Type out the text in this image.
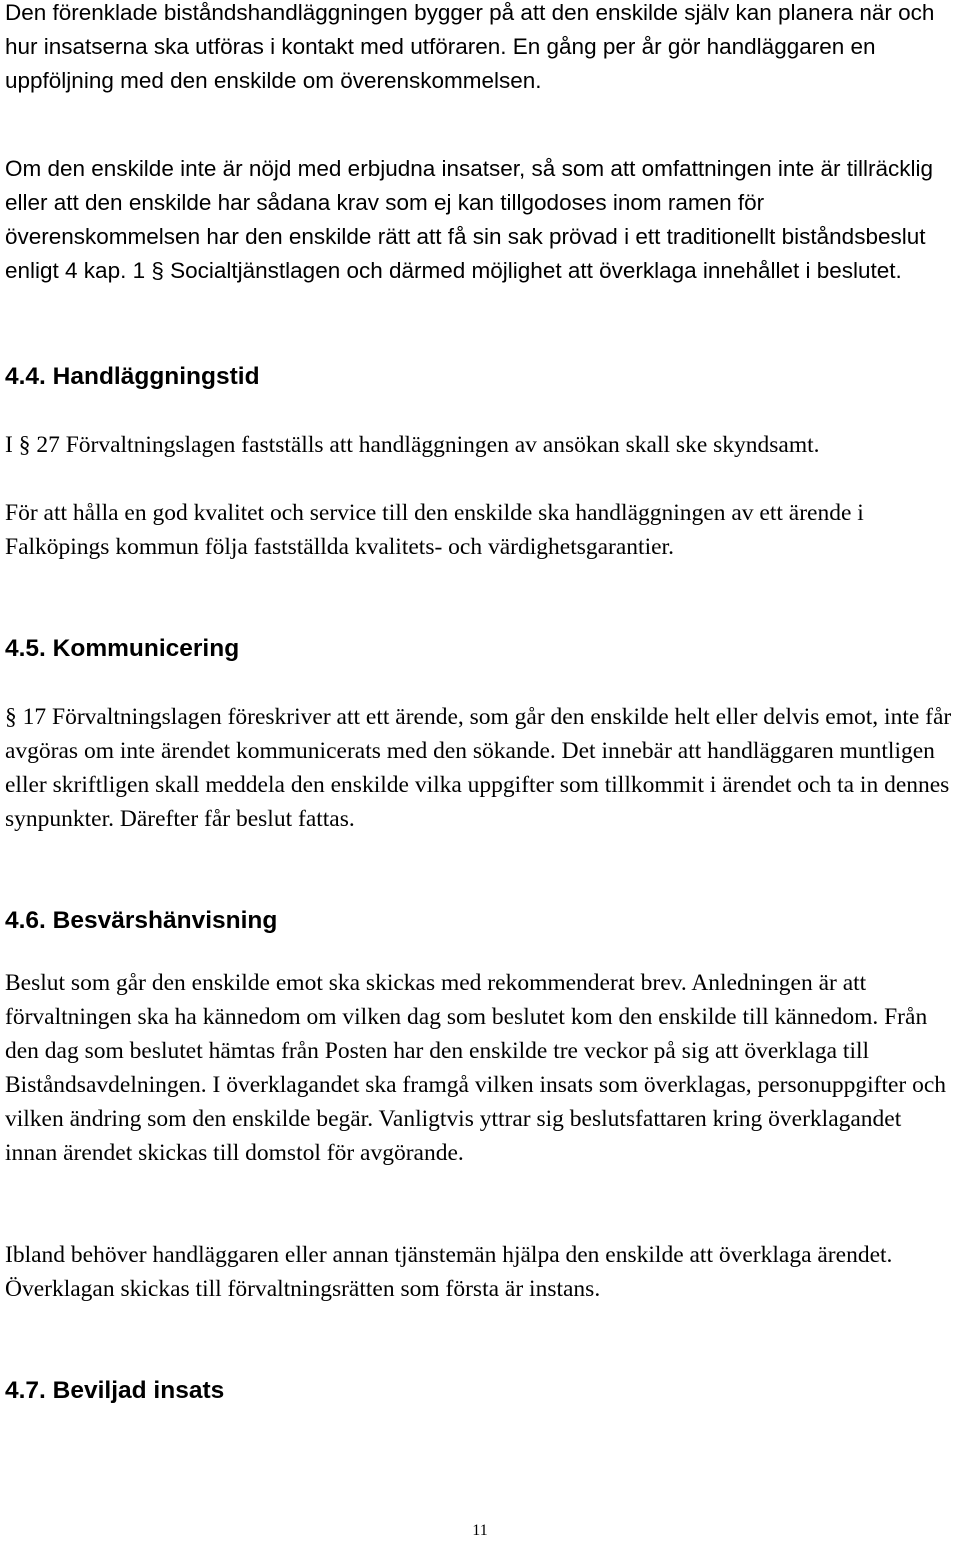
Den förenklade biståndshandläggningen bygger på att den enskilde själv kan planera när och hur insatserna ska utföras i kontakt med utföraren. En gång per år gör handläggaren en uppföljning med den enskilde om överenskommelsen.

Om den enskilde inte är nöjd med erbjudna insatser, så som att omfattningen inte är tillräcklig eller att den enskilde har sådana krav som ej kan tillgodoses inom ramen för överenskommelsen har den enskilde rätt att få sin sak prövad i ett traditionellt biståndsbeslut enligt 4 kap. 1 § Socialtjänstlagen och därmed möjlighet att överklaga innehållet i beslutet.

4.4. Handläggningstid

I § 27 Förvaltningslagen fastställs att handläggningen av ansökan skall ske skyndsamt.

För att hålla en god kvalitet och service till den enskilde ska handläggningen av ett ärende i Falköpings kommun följa fastställda kvalitets- och värdighetsgarantier.

4.5. Kommunicering

§ 17 Förvaltningslagen föreskriver att ett ärende, som går den enskilde helt eller delvis emot, inte får avgöras om inte ärendet kommunicerats med den sökande. Det innebär att handläggaren muntligen eller skriftligen skall meddela den enskilde vilka uppgifter som tillkommit i ärendet och ta in dennes synpunkter. Därefter får beslut fattas.

4.6. Besvärshänvisning

Beslut som går den enskilde emot ska skickas med rekommenderat brev. Anledningen är att förvaltningen ska ha kännedom om vilken dag som beslutet kom den enskilde till kännedom. Från den dag som beslutet hämtas från Posten har den enskilde tre veckor på sig att överklaga till Biståndsavdelningen. I överklagandet ska framgå vilken insats som överklagas, personuppgifter och vilken ändring som den enskilde begär. Vanligtvis yttrar sig beslutsfattaren kring överklagandet innan ärendet skickas till domstol för avgörande.

Ibland behöver handläggaren eller annan tjänstemän hjälpa den enskilde att överklaga ärendet. Överklagan skickas till förvaltningsrätten som första är instans.

4.7. Beviljad insats
11
